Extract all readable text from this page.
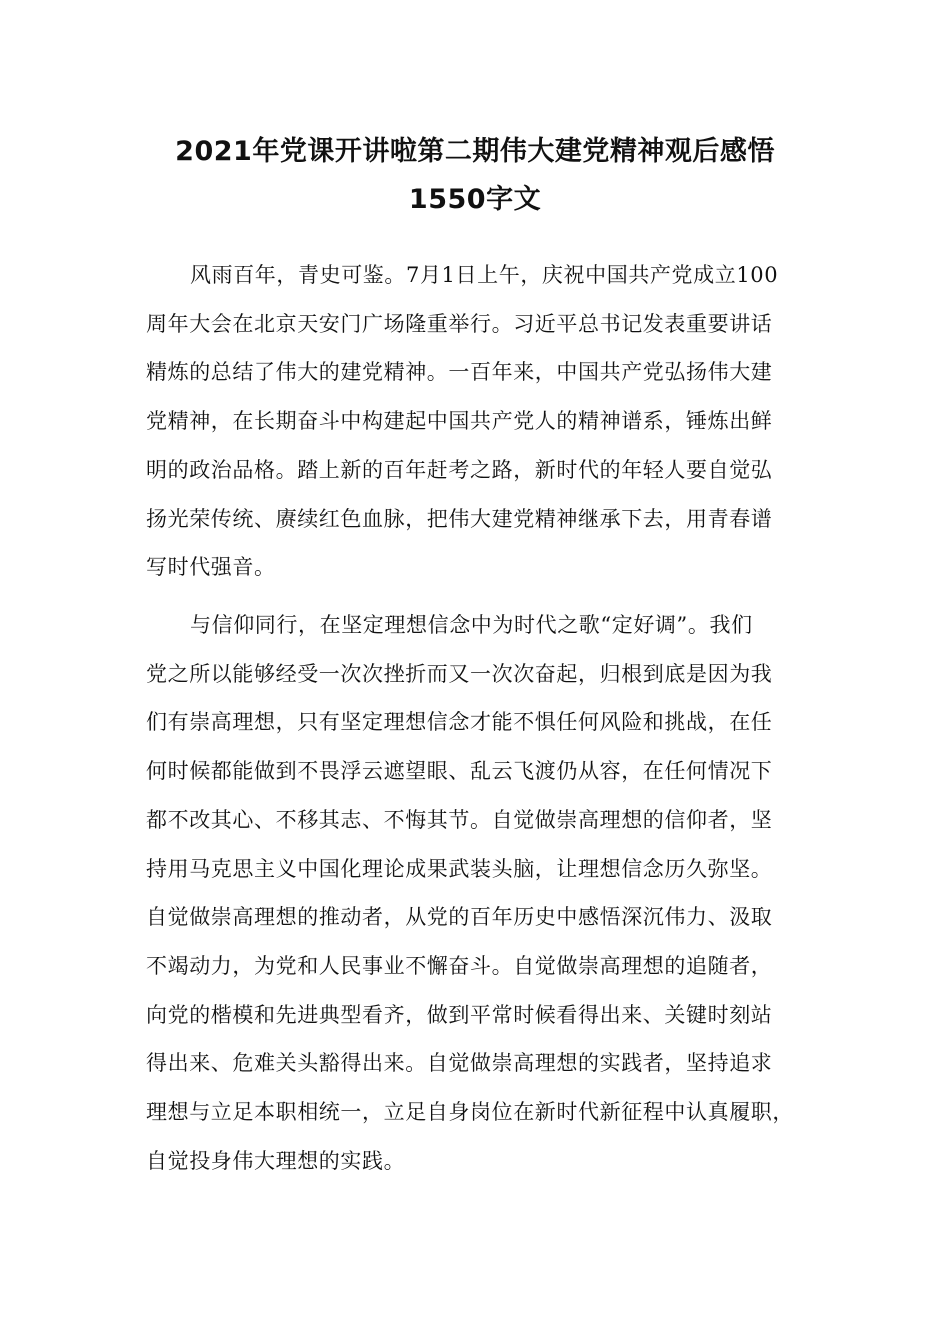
2021年党课开讲啦第二期伟大建党精神观后感悟
1550字文
风雨百年，青史可鉴。7月1日上午，庆祝中国共产党成立100
周年大会在北京天安门广场隆重举行。习近平总书记发表重要讲话
精炼的总结了伟大的建党精神。一百年来，中国共产党弘扬伟大建
党精神，在长期奋斗中构建起中国共产党人的精神谱系，锤炼出鲜
明的政治品格。踏上新的百年赶考之路，新时代的年轻人要自觉弘
扬光荣传统、赓续红色血脉，把伟大建党精神继承下去，用青春谱
写时代强音。
与信仰同行，在坚定理想信念中为时代之歌“定好调”。我们
党之所以能够经受一次次挫折而又一次次奋起，归根到底是因为我
们有崇高理想，只有坚定理想信念才能不惧任何风险和挑战，在任
何时候都能做到不畏浮云遮望眼、乱云飞渡仍从容，在任何情况下
都不改其心、不移其志、不悔其节。自觉做崇高理想的信仰者，坚
持用马克思主义中国化理论成果武装头脑，让理想信念历久弥坚。
自觉做崇高理想的推动者，从党的百年历史中感悟深沉伟力、汲取
不竭动力，为党和人民事业不懈奋斗。自觉做崇高理想的追随者，
向党的楷模和先进典型看齐，做到平常时候看得出来、关键时刻站
得出来、危难关头豁得出来。自觉做崇高理想的实践者，坚持追求
理想与立足本职相统一，立足自身岗位在新时代新征程中认真履职，
自觉投身伟大理想的实践。
